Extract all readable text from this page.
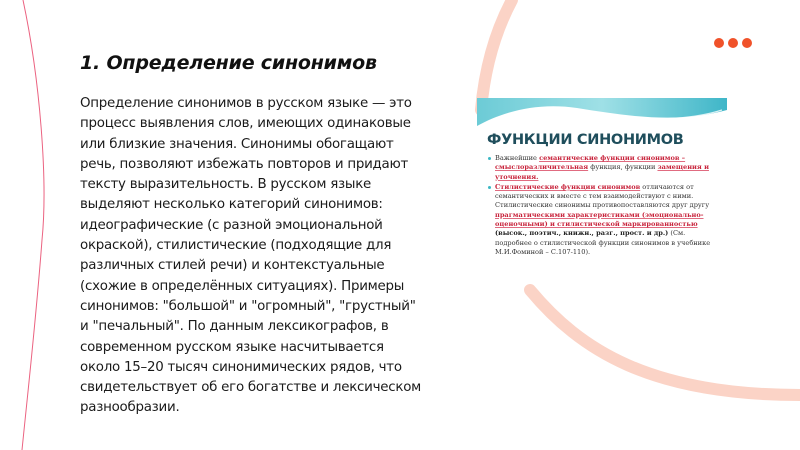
1. Определение синонимов

Определение синонимов в русском языке — это процесс выявления слов, имеющих одинаковые или близкие значения. Синонимы обогащают речь, позволяют избежать повторов и придают тексту выразительность. В русском языке выделяют несколько категорий синонимов: идеографические (с разной эмоциональной окраской), стилистические (подходящие для различных стилей речи) и контекстуальные (схожие в определённых ситуациях). Примеры синонимов: "большой" и "огромный", "грустный" и "печальный". По данным лексикографов, в современном русском языке насчитывается около 15–20 тысяч синонимических рядов, что свидетельствует об его богатстве и лексическом разнообразии.

ФУНКЦИИ СИНОНИМОВ
Важнейшие семантические функции синонимов – смыслоразличительная функция, функции замещения и уточнения.
Стилистические функции синонимов отличаются от семантических и вместе с тем взаимодействуют с ними. Стилистические синонимы противопоставляются друг другу прагматическими характеристиками (эмоционально-оценочными) и стилистической маркированностью (высок., поэтич., книжн., разг., прост. и др.) (См. подробнее о стилистической функции синонимов в учебнике М.И.Фоминой – С.107-110).
